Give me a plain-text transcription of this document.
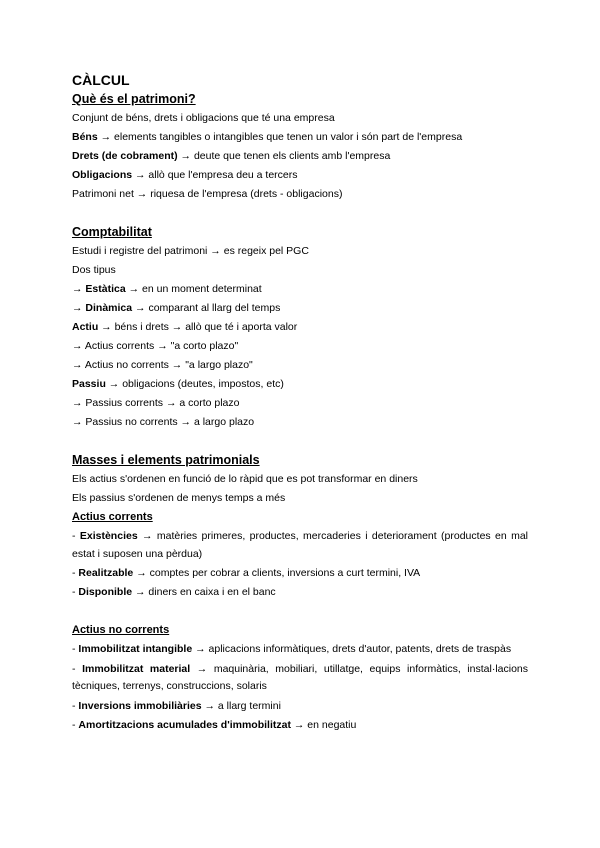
CÀLCUL
Què és el patrimoni?

Conjunt de béns, drets i obligacions que té una empresa

Béns → elements tangibles o intangibles que tenen un valor i són part de l'empresa

Drets (de cobrament) → deute que tenen els clients amb l'empresa

Obligacions → allò que l'empresa deu a tercers

Patrimoni net → riquesa de l'empresa (drets - obligacions)

Comptabilitat

Estudi i registre del patrimoni → es regeix pel PGC

Dos tipus

→ Estàtica → en un moment determinat

→ Dinàmica → comparant al llarg del temps

Actiu → béns i drets → allò que té i aporta valor

→ Actius corrents → "a corto plazo"

→ Actius no corrents → "a largo plazo"

Passiu → obligacions (deutes, impostos, etc)

→ Passius corrents → a corto plazo

→ Passius no corrents → a largo plazo

Masses i elements patrimonials

Els actius s'ordenen en funció de lo ràpid que es pot transformar en diners

Els passius s'ordenen de menys temps a més

Actius corrents

- Existències → matèries primeres, productes, mercaderies i deteriorament (productes en mal estat i suposen una pèrdua)

- Realitzable → comptes per cobrar a clients, inversions a curt termini, IVA

- Disponible → diners en caixa i en el banc

Actius no corrents

- Immobilitzat intangible → aplicacions informàtiques, drets d'autor, patents, drets de traspàs

- Immobilitzat material → maquinària, mobiliari, utillatge, equips informàtics, instal·lacions tècniques, terrenys, construccions, solaris

- Inversions immobiliàries → a llarg termini

- Amortitzacions acumulades d'immobilitzat → en negatiu
